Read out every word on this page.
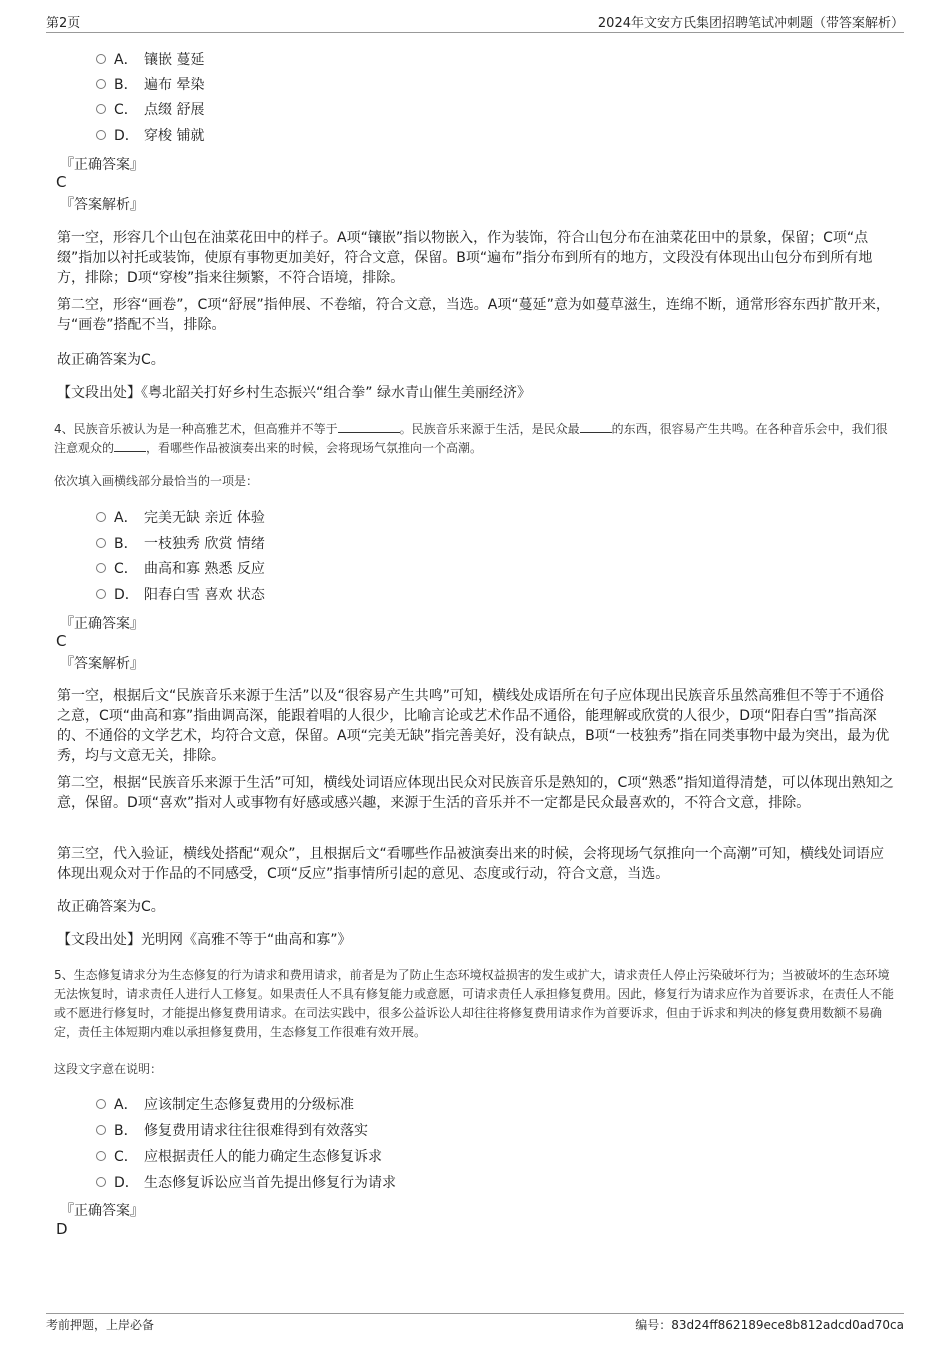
第2页	2024年文安方氏集团招聘笔试冲刺题（带答案解析）
A． 镶嵌 蔓延
B． 遍布 晕染
C． 点缀 舒展
D． 穿梭 铺就
『正确答案』
C
『答案解析』
第一空，形容几个山包在油菜花田中的样子。A项“镶嵌”指以物嵌入，作为装饰，符合山包分布在油菜花田中的景象，保留；C项“点缀”指加以衬托或装饰，使原有事物更加美好，符合文意，保留。B项“遍布”指分布到所有的地方，文段没有体现出山包分布到所有地方，排除；D项“穿梭”指来往频繁，不符合语境，排除。
第二空，形容“画卷”，C项“舒展”指伸展、不卷缩，符合文意，当选。A项“蔓延”意为如蔓草滋生，连绵不断，通常形容东西扩散开来，与“画卷”搭配不当，排除。
故正确答案为C。
【文段出处】《粤北韶关打好乡村生态振兴“组合拳” 绿水青山催生美丽经济》
4、民族音乐被认为是一种高雅艺术，但高雅并不等于	。民族音乐来源于生活，是民众最	的东西，很容易产生共鸣。在各种音乐会中，我们很注意观众的	，看哪些作品被演奏出来的时候，会将现场气氛推向一个高潮。
依次填入画横线部分最恰当的一项是：
A． 完美无缺 亲近 体验
B． 一枝独秀 欣赏 情绪
C． 曲高和寡 熟悉 反应
D． 阳春白雪 喜欢 状态
『正确答案』
C
『答案解析』
第一空，根据后文“民族音乐来源于生活”以及“很容易产生共鸣”可知，横线处成语所在句子应体现出民族音乐虽然高雅但不等于不通俗之意，C项“曲高和寡”指曲调高深，能跟着唱的人很少，比喻言论或艺术作品不通俗，能理解或欣赏的人很少，D项“阳春白雪”指高深的、不通俗的文学艺术，均符合文意，保留。A项“完美无缺”指完善美好，没有缺点，B项“一枝独秀”指在同类事物中最为突出，最为优秀，均与文意无关，排除。
第二空，根据“民族音乐来源于生活”可知，横线处词语应体现出民众对民族音乐是熟知的，C项“熟悉”指知道得清楚，可以体现出熟知之意，保留。D项“喜欢”指对人或事物有好感或感兴趣，来源于生活的音乐并不一定都是民众最喜欢的，不符合文意，排除。
第三空，代入验证，横线处搭配“观众”，且根据后文“看哪些作品被演奏出来的时候，会将现场气氛推向一个高潮”可知，横线处词语应体现出观众对于作品的不同感受，C项“反应”指事情所引起的意见、态度或行动，符合文意，当选。
故正确答案为C。
【文段出处】光明网《高雅不等于“曲高和寡”》
5、生态修复请求分为生态修复的行为请求和费用请求，前者是为了防止生态环境权益损害的发生或扩大，请求责任人停止污染破坏行为；当被破坏的生态环境无法恢复时，请求责任人进行人工修复。如果责任人不具有修复能力或意愿，可请求责任人承担修复费用。因此，修复行为请求应作为首要诉求，在责任人不能或不愿进行修复时，才能提出修复费用请求。在司法实践中，很多公益诉讼人却往往将修复费用请求作为首要诉求，但由于诉求和判决的修复费用数额不易确定，责任主体短期内难以承担修复费用，生态修复工作很难有效开展。
这段文字意在说明：
A． 应该制定生态修复费用的分级标准
B． 修复费用请求往往很难得到有效落实
C． 应根据责任人的能力确定生态修复诉求
D． 生态修复诉讼应当首先提出修复行为请求
『正确答案』
D
考前押题，上岸必备	编号：83d24ff862189ece8b812adcd0ad70ca
